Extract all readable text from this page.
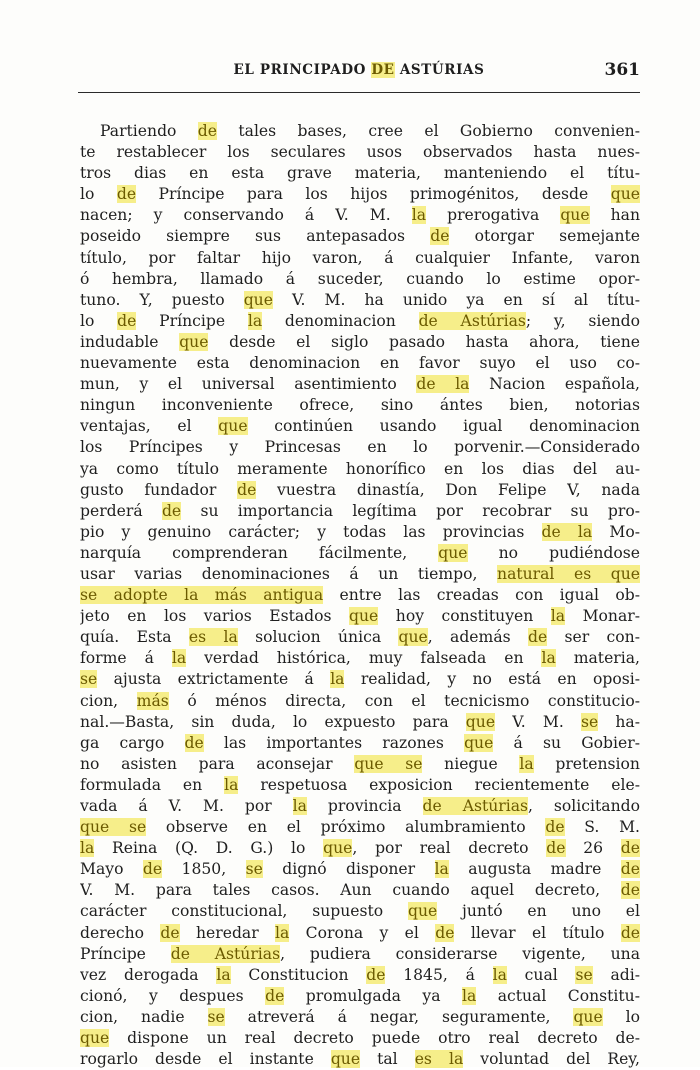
EL PRINCIPADO DE ASTÚRIAS	361
Partiendo de tales bases, cree el Gobierno convenien-
te restablecer los seculares usos observados hasta nues-
tros dias en esta grave materia, manteniendo el títu-
lo de Príncipe para los hijos primogénitos, desde que
nacen; y conservando á V. M. la prerogativa que han
poseido siempre sus antepasados de otorgar semejante
título, por faltar hijo varon, á cualquier Infante, varon
ó hembra, llamado á suceder, cuando lo estime opor-
tuno. Y, puesto que V. M. ha unido ya en sí al títu-
lo de Príncipe la denominacion de Astúrias; y, siendo
indudable que desde el siglo pasado hasta ahora, tiene
nuevamente esta denominacion en favor suyo el uso co-
mun, y el universal asentimiento de la Nacion española,
ningun inconveniente ofrece, sino ántes bien, notorias
ventajas, el que continúen usando igual denominacion
los Príncipes y Princesas en lo porvenir.—Considerado
ya como título meramente honorífico en los dias del au-
gusto fundador de vuestra dinastía, Don Felipe V, nada
perderá de su importancia legítima por recobrar su pro-
pio y genuino carácter; y todas las provincias de la Mo-
narquía comprenderan fácilmente, que no pudiéndose
usar varias denominaciones á un tiempo, natural es que
se adopte la más antigua entre las creadas con igual ob-
jeto en los varios Estados que hoy constituyen la Monar-
quía. Esta es la solucion única que, además de ser con-
forme á la verdad histórica, muy falseada en la materia,
se ajusta extrictamente á la realidad, y no está en oposi-
cion, más ó ménos directa, con el tecnicismo constitucio-
nal.—Basta, sin duda, lo expuesto para que V. M. se ha-
ga cargo de las importantes razones que á su Gobier-
no asisten para aconsejar que se niegue la pretension
formulada en la respetuosa exposicion recientemente ele-
vada á V. M. por la provincia de Astúrias, solicitando
que se observe en el próximo alumbramiento de S. M.
la Reina (Q. D. G.) lo que, por real decreto de 26 de
Mayo de 1850, se dignó disponer la augusta madre de
V. M. para tales casos. Aun cuando aquel decreto, de
carácter constitucional, supuesto que juntó en uno el
derecho de heredar la Corona y el de llevar el título de
Príncipe de Astúrias, pudiera considerarse vigente, una
vez derogada la Constitucion de 1845, á la cual se adi-
cionó, y despues de promulgada ya la actual Constitu-
cion, nadie se atreverá á negar, seguramente, que lo
que dispone un real decreto puede otro real decreto de-
rogarlo desde el instante que tal es la voluntad del Rey,
